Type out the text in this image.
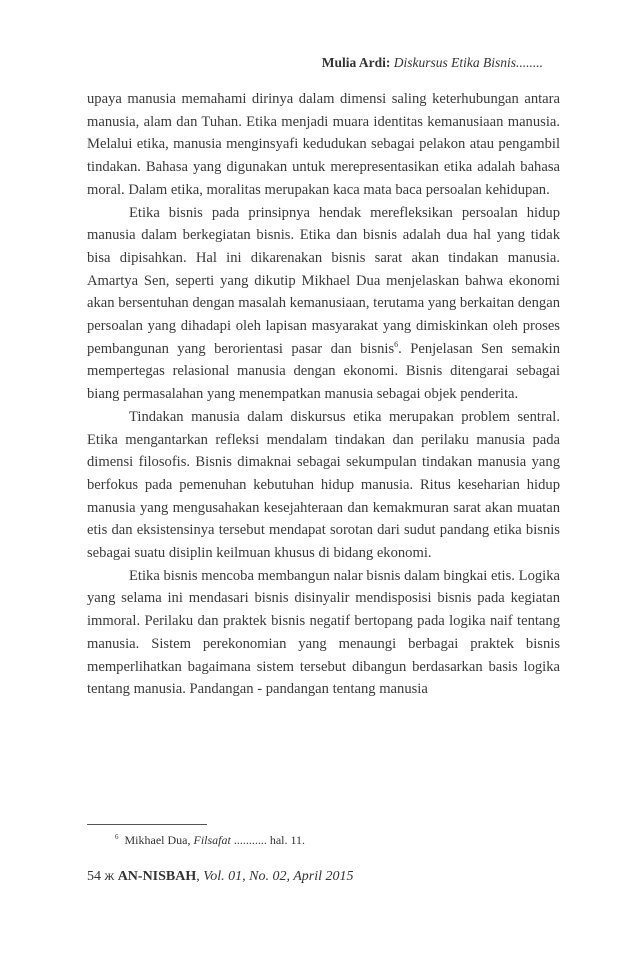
Mulia Ardi: Diskursus Etika Bisnis........

upaya manusia memahami dirinya dalam dimensi saling keterhubungan antara manusia, alam dan Tuhan. Etika menjadi muara identitas kemanusiaan manusia. Melalui etika, manusia menginsyafi kedudukan sebagai pelakon atau pengambil tindakan. Bahasa yang digunakan untuk merepresentasikan etika adalah bahasa moral. Dalam etika, moralitas merupakan kaca mata baca persoalan kehidupan.

Etika bisnis pada prinsipnya hendak merefleksikan persoalan hidup manusia dalam berkegiatan bisnis. Etika dan bisnis adalah dua hal yang tidak bisa dipisahkan. Hal ini dikarenakan bisnis sarat akan tindakan manusia. Amartya Sen, seperti yang dikutip Mikhael Dua menjelaskan bahwa ekonomi akan bersentuhan dengan masalah kemanusiaan, terutama yang berkaitan dengan persoalan yang dihadapi oleh lapisan masyarakat yang dimiskinkan oleh proses pembangunan yang berorientasi pasar dan bisnis$^6$. Penjelasan Sen semakin mempertegas relasional manusia dengan ekonomi. Bisnis ditengarai sebagai biang permasalahan yang menempatkan manusia sebagai objek penderita.

Tindakan manusia dalam diskursus etika merupakan problem sentral. Etika mengantarkan refleksi mendalam tindakan dan perilaku manusia pada dimensi filosofis. Bisnis dimaknai sebagai sekumpulan tindakan manusia yang berfokus pada pemenuhan kebutuhan hidup manusia. Ritus keseharian hidup manusia yang mengusahakan kesejahteraan dan kemakmuran sarat akan muatan etis dan eksistensinya tersebut mendapat sorotan dari sudut pandang etika bisnis sebagai suatu disiplin keilmuan khusus di bidang ekonomi.

Etika bisnis mencoba membangun nalar bisnis dalam bingkai etis. Logika yang selama ini mendasari bisnis disinyalir mendisposisi bisnis pada kegiatan immoral. Perilaku dan praktek bisnis negatif bertopang pada logika naif tentang manusia. Sistem perekonomian yang menaungi berbagai praktek bisnis memperlihatkan bagaimana sistem tersebut dibangun berdasarkan basis logika tentang manusia. Pandangan - pandangan tentang manusia

$^6$ Mikhael Dua, Filsafat ........... hal. 11.
54 ж AN-NISBAH, Vol. 01, No. 02, April 2015
